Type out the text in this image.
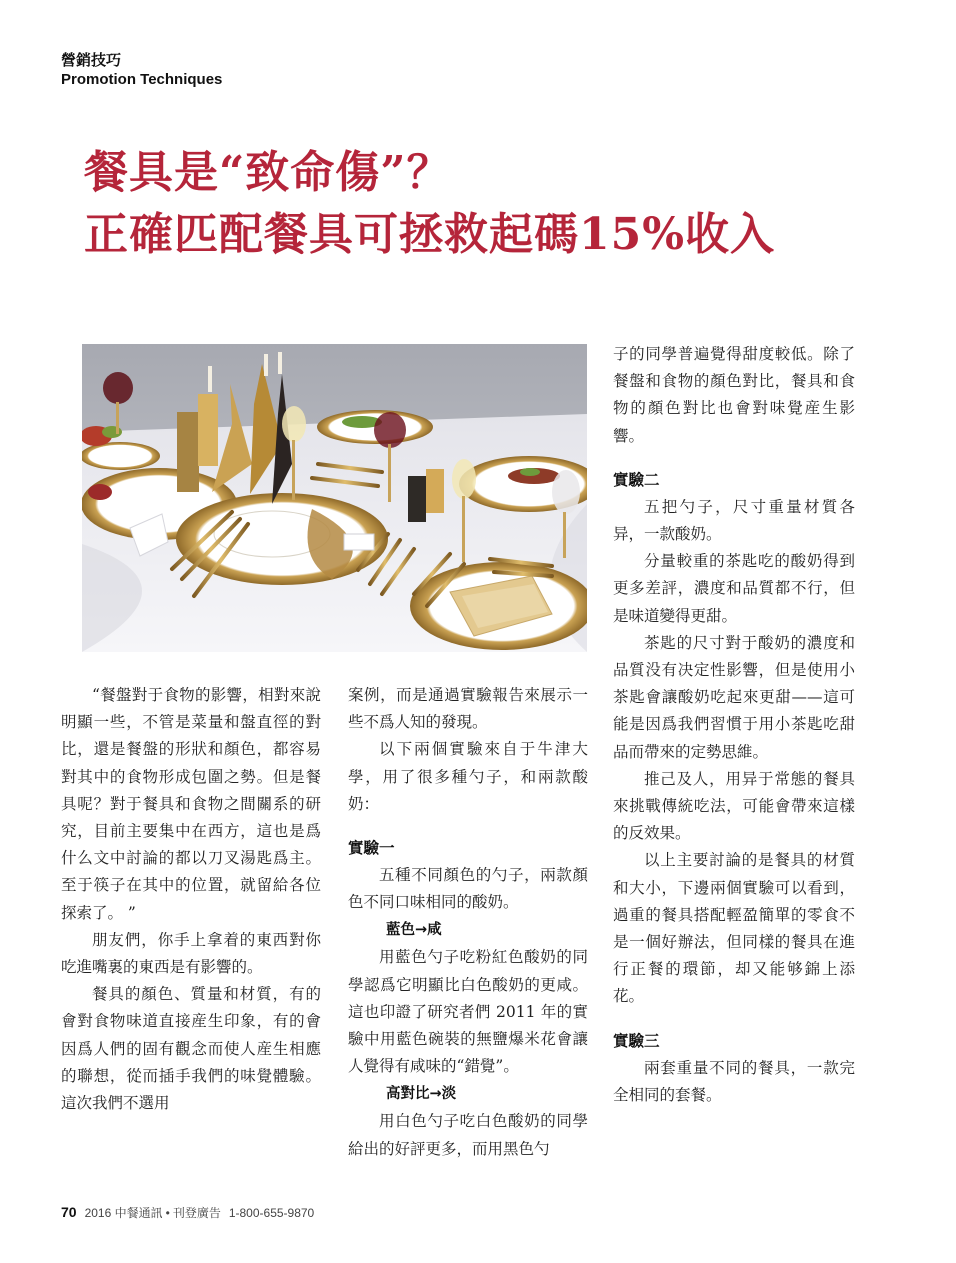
營銷技巧
Promotion Techniques
餐具是“致命傷”？
正確匹配餐具可拯救起碼15%收入

“餐盤對于食物的影響，相對來說明顯一些，不管是菜量和盤直徑的對比，還是餐盤的形狀和顏色，都容易對其中的食物形成包圍之勢。但是餐具呢？對于餐具和食物之間關系的研究，目前主要集中在西方，這也是爲什么文中討論的都以刀叉湯匙爲主。至于筷子在其中的位置，就留給各位探索了。 ”

朋友們，你手上拿着的東西對你吃進嘴裏的東西是有影響的。

餐具的顏色、質量和材質，有的會對食物味道直接産生印象，有的會因爲人們的固有觀念而使人産生相應的聯想，從而插手我們的味覺體驗。這次我們不選用

案例，而是通過實驗報告來展示一些不爲人知的發現。

以下兩個實驗來自于牛津大學，用了很多種勺子，和兩款酸奶：

實驗一

五種不同顏色的勺子，兩款顏色不同口味相同的酸奶。

藍色→咸

用藍色勺子吃粉紅色酸奶的同學認爲它明顯比白色酸奶的更咸。這也印證了研究者們 2011 年的實驗中用藍色碗裝的無鹽爆米花會讓人覺得有咸味的“錯覺”。

高對比→淡

用白色勺子吃白色酸奶的同學給出的好評更多，而用黑色勺

子的同學普遍覺得甜度較低。除了餐盤和食物的顏色對比，餐具和食物的顏色對比也會對味覺産生影響。

實驗二

五把勺子，尺寸重量材質各异，一款酸奶。

分量較重的茶匙吃的酸奶得到更多差評，濃度和品質都不行，但是味道變得更甜。

茶匙的尺寸對于酸奶的濃度和品質没有决定性影響，但是使用小茶匙會讓酸奶吃起來更甜——這可能是因爲我們習慣于用小茶匙吃甜品而帶來的定勢思維。

推己及人，用异于常態的餐具來挑戰傳統吃法，可能會帶來這樣的反效果。

以上主要討論的是餐具的材質和大小，下邊兩個實驗可以看到，過重的餐具搭配輕盈簡單的零食不是一個好辦法，但同樣的餐具在進行正餐的環節，却又能够錦上添花。

實驗三

兩套重量不同的餐具，一款完全相同的套餐。

70 2016 中餐通訊 • 刊登廣告 1-800-655-9870
